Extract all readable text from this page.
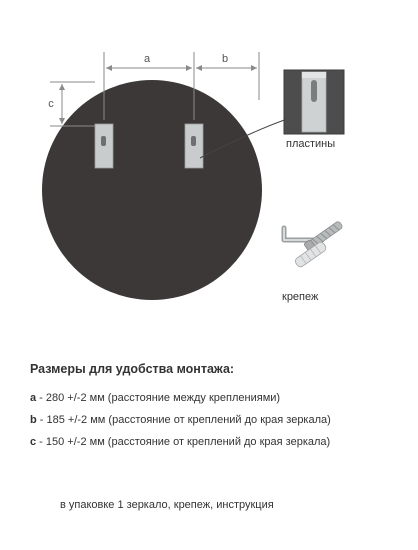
a	b
c
пластины
крепеж
Размеры для удобства монтажа:
a - 280 +/-2 мм (расстояние между креплениями)
b - 185 +/-2 мм (расстояние от креплений до края зеркала)
c - 150 +/-2 мм (расстояние от креплений до края зеркала)
в упаковке 1 зеркало, крепеж, инструкция
